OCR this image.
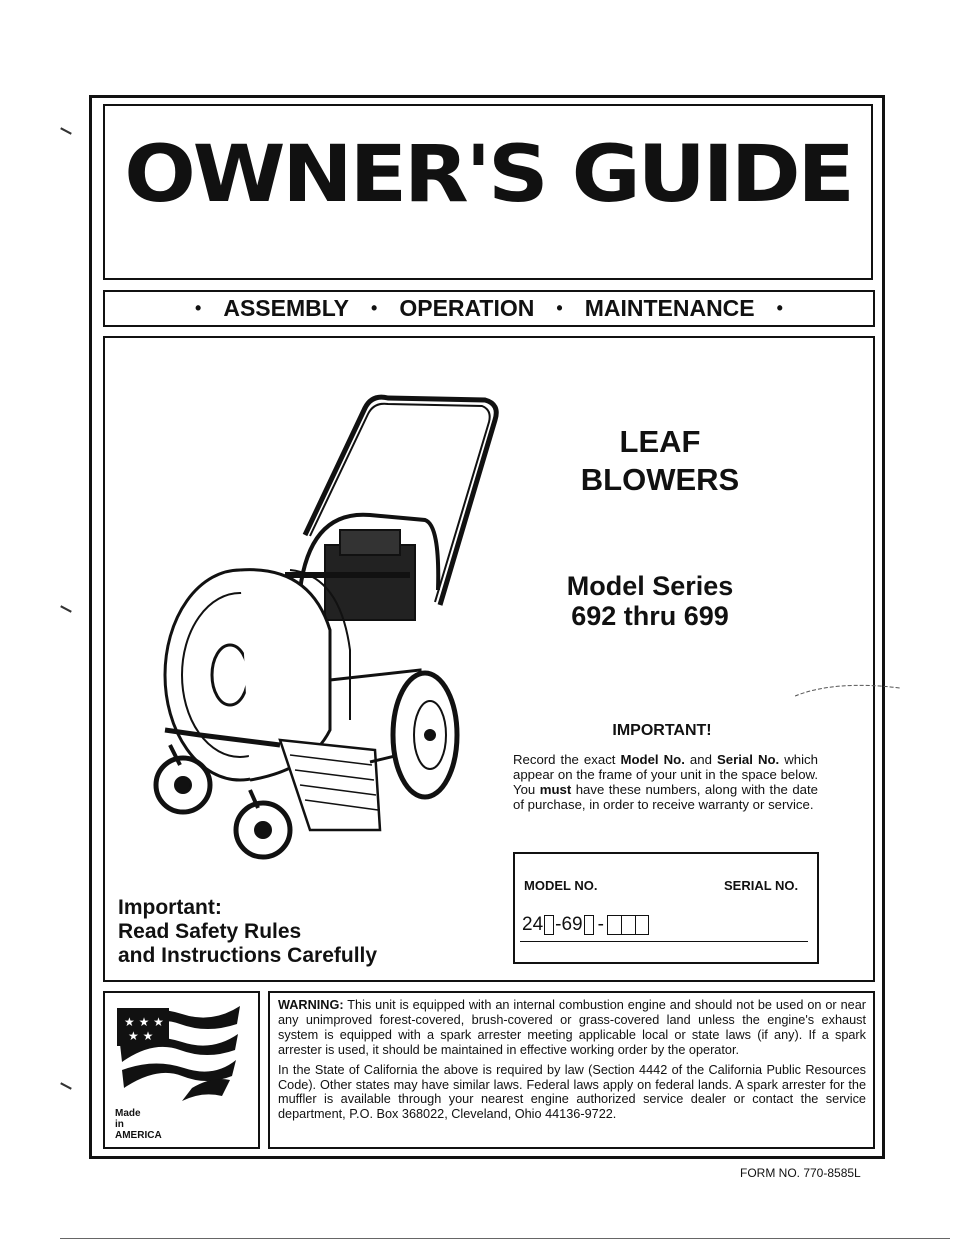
OWNER'S GUIDE
• ASSEMBLY • OPERATION • MAINTENANCE •
LEAF
BLOWERS
Model Series
692 thru 699
IMPORTANT!
Record the exact Model No. and Serial No. which appear on the frame of your unit in the space below. You must have these numbers, along with the date of purchase, in order to receive warranty or service.
MODEL NO.	SERIAL NO.
24 -69 -
Important:
Read Safety Rules
and Instructions Carefully
★ ★ ★
★ ★
Made
in
AMERICA

WARNING: This unit is equipped with an internal combustion engine and should not be used on or near any unimproved forest-covered, brush-covered or grass-covered land unless the engine's exhaust system is equipped with a spark arrester meeting applicable local or state laws (if any). If a spark arrester is used, it should be maintained in effective working order by the operator.

In the State of California the above is required by law (Section 4442 of the California Public Resources Code). Other states may have similar laws. Federal laws apply on federal lands. A spark arrester for the muffler is available through your nearest engine authorized service dealer or contact the service department, P.O. Box 368022, Cleveland, Ohio 44136-9722.

FORM NO. 770-8585L
